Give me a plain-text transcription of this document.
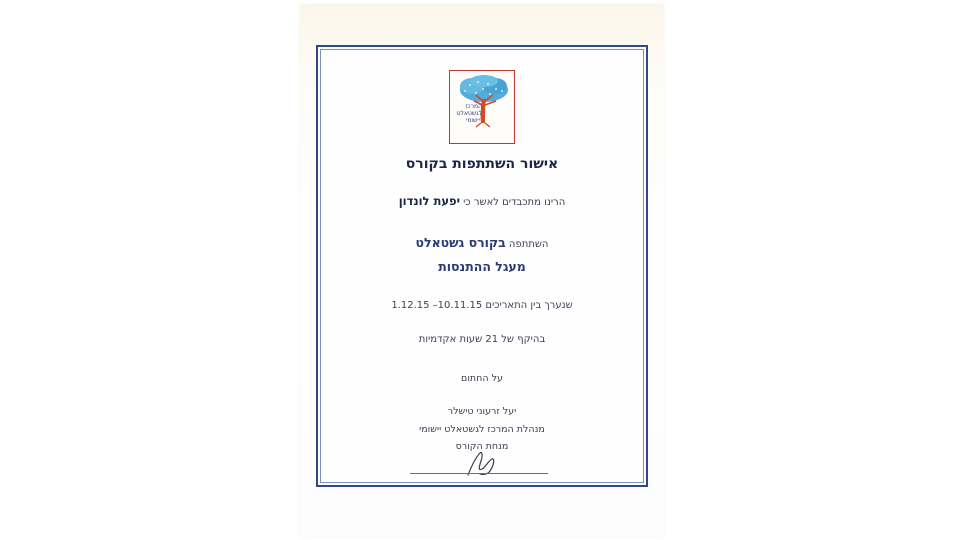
המרכז
לגשטאלט
יישומי
אישור השתתפות בקורס
הרינו מתכבדים לאשר כי יפעת לונדון
השתתפה בקורס גשטאלט
מעגל ההתנסות
שנערך בין התאריכים 10.11.15– 1.12.15
בהיקף של 21 שעות אקדמיות
על החתום
יעל זרעוני טישלר
מנהלת המרכז לגשטאלט יישומי
מנחת הקורס
